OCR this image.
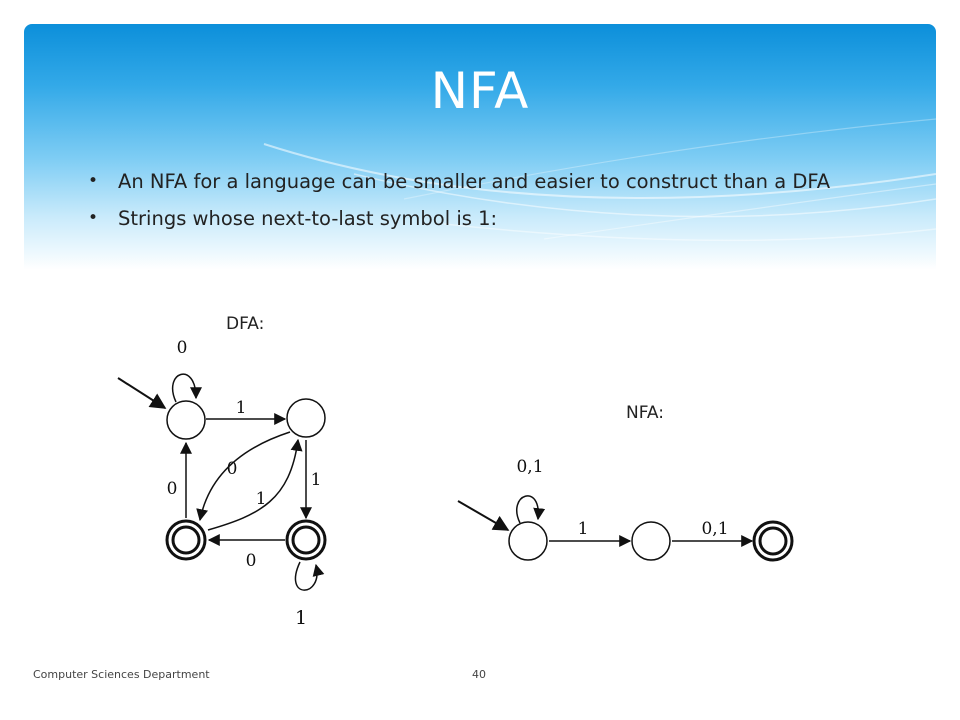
NFA
• An NFA for a language can be smaller and easier to construct than a DFA
• Strings whose next-to-last symbol is 1:
DFA:
NFA:
0
1
0
1
0	1
0
1
0,1
1	0,1
Computer Sciences Department	40
